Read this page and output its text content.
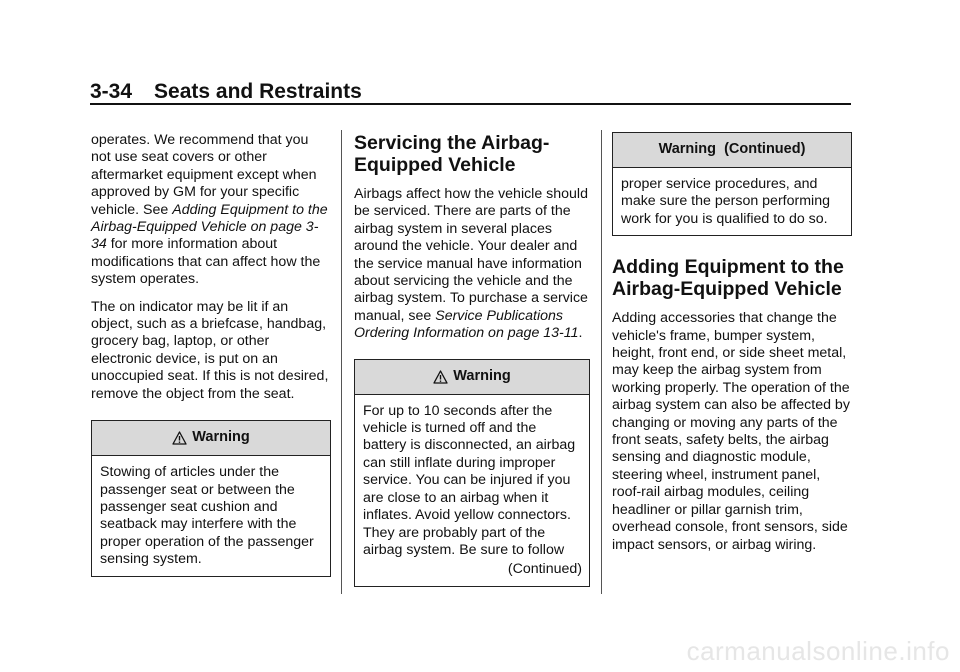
3-34 Seats and Restraints

operates. We recommend that you not use seat covers or other aftermarket equipment except when approved by GM for your specific vehicle. See Adding Equipment to the Airbag-Equipped Vehicle on page 3-34 for more information about modifications that can affect how the system operates.

The on indicator may be lit if an object, such as a briefcase, handbag, grocery bag, laptop, or other electronic device, is put on an unoccupied seat. If this is not desired, remove the object from the seat.

Warning
Stowing of articles under the passenger seat or between the passenger seat cushion and seatback may interfere with the proper operation of the passenger sensing system.
Servicing the Airbag-Equipped Vehicle

Airbags affect how the vehicle should be serviced. There are parts of the airbag system in several places around the vehicle. Your dealer and the service manual have information about servicing the vehicle and the airbag system. To purchase a service manual, see Service Publications Ordering Information on page 13-11.

Warning
For up to 10 seconds after the vehicle is turned off and the battery is disconnected, an airbag can still inflate during improper service. You can be injured if you are close to an airbag when it inflates. Avoid yellow connectors. They are probably part of the airbag system. Be sure to follow
(Continued)
Warning  (Continued)
proper service procedures, and make sure the person performing work for you is qualified to do so.
Adding Equipment to the Airbag-Equipped Vehicle

Adding accessories that change the vehicle's frame, bumper system, height, front end, or side sheet metal, may keep the airbag system from working properly. The operation of the airbag system can also be affected by changing or moving any parts of the front seats, safety belts, the airbag sensing and diagnostic module, steering wheel, instrument panel, roof-rail airbag modules, ceiling headliner or pillar garnish trim, overhead console, front sensors, side impact sensors, or airbag wiring.

carmanualsonline.info
